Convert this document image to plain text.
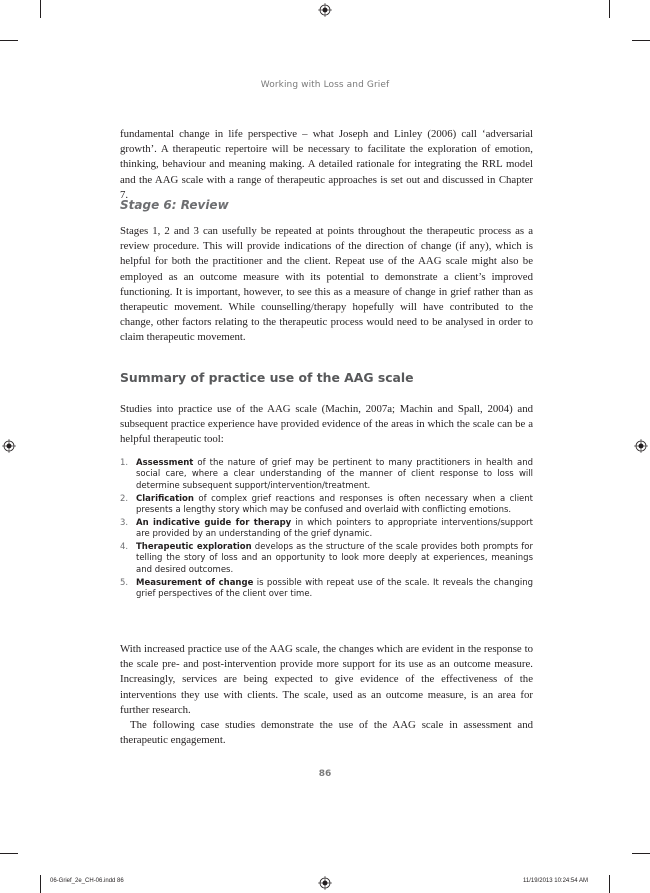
Working with Loss and Grief

fundamental change in life perspective – what Joseph and Linley (2006) call ‘adversarial growth’. A therapeutic repertoire will be necessary to facilitate the exploration of emotion, thinking, behaviour and meaning making. A detailed rationale for integrating the RRL model and the AAG scale with a range of therapeutic approaches is set out and discussed in Chapter 7.

Stage 6: Review

Stages 1, 2 and 3 can usefully be repeated at points throughout the therapeutic process as a review procedure. This will provide indications of the direction of change (if any), which is helpful for both the practitioner and the client. Repeat use of the AAG scale might also be employed as an outcome measure with its potential to demonstrate a client’s improved functioning. It is important, however, to see this as a measure of change in grief rather than as therapeutic movement. While counselling/therapy hopefully will have contributed to the change, other factors relating to the therapeutic process would need to be analysed in order to claim therapeutic movement.

Summary of practice use of the AAG scale

Studies into practice use of the AAG scale (Machin, 2007a; Machin and Spall, 2004) and subsequent practice experience have provided evidence of the areas in which the scale can be a helpful therapeutic tool:

1. Assessment of the nature of grief may be pertinent to many practitioners in health and social care, where a clear understanding of the manner of client response to loss will determine subsequent support/intervention/treatment.
2. Clarification of complex grief reactions and responses is often necessary when a client presents a lengthy story which may be confused and overlaid with conflicting emotions.
3. An indicative guide for therapy in which pointers to appropriate interventions/support are provided by an understanding of the grief dynamic.
4. Therapeutic exploration develops as the structure of the scale provides both prompts for telling the story of loss and an opportunity to look more deeply at experiences, meanings and desired outcomes.
5. Measurement of change is possible with repeat use of the scale. It reveals the changing grief perspectives of the client over time.

With increased practice use of the AAG scale, the changes which are evident in the response to the scale pre- and post-intervention provide more support for its use as an outcome measure. Increasingly, services are being expected to give evidence of the effectiveness of the interventions they use with clients. The scale, used as an outcome measure, is an area for further research.

The following case studies demonstrate the use of the AAG scale in assessment and therapeutic engagement.

86
06-Grief_2e_CH-06.indd 86	11/19/2013 10:24:54 AM
